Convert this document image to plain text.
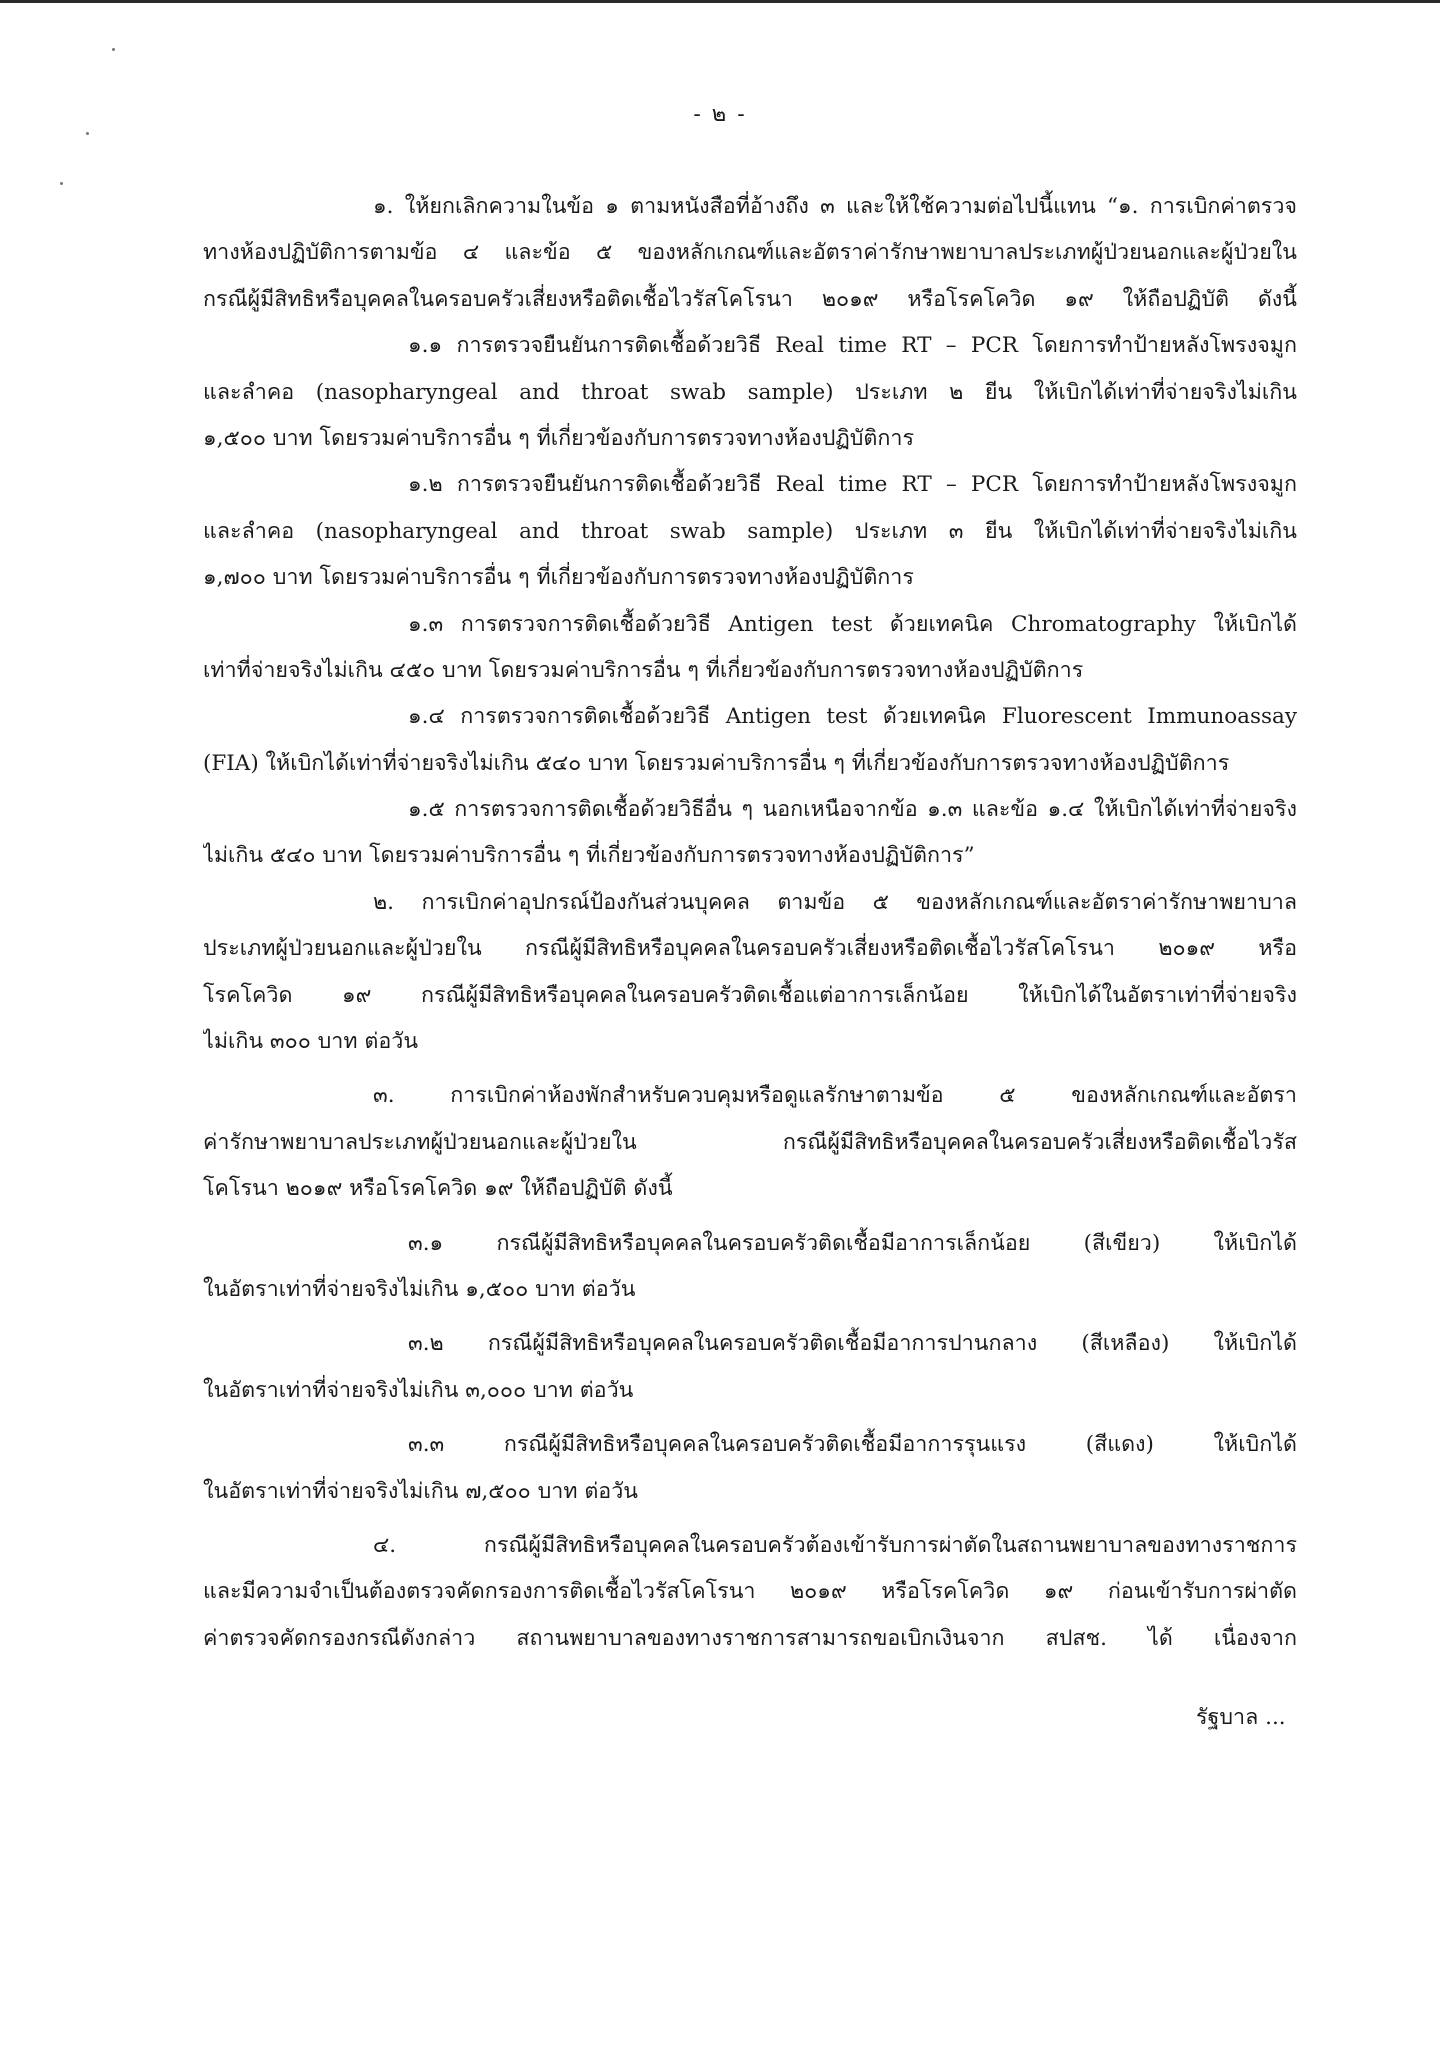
- ๒ -
๑. ให้ยกเลิกความในข้อ ๑ ตามหนังสือที่อ้างถึง ๓ และให้ใช้ความต่อไปนี้แทน “๑. การเบิกค่าตรวจ
ทางห้องปฏิบัติการตามข้อ ๔ และข้อ ๕ ของหลักเกณฑ์และอัตราค่ารักษาพยาบาลประเภทผู้ป่วยนอกและผู้ป่วยใน
กรณีผู้มีสิทธิหรือบุคคลในครอบครัวเสี่ยงหรือติดเชื้อไวรัสโคโรนา ๒๐๑๙ หรือโรคโควิด ๑๙ ให้ถือปฏิบัติ ดังนี้
๑.๑ การตรวจยืนยันการติดเชื้อด้วยวิธี Real time RT – PCR โดยการทำป้ายหลังโพรงจมูก
และลำคอ (nasopharyngeal and throat swab sample) ประเภท ๒ ยีน ให้เบิกได้เท่าที่จ่ายจริงไม่เกิน
๑,๕๐๐ บาท โดยรวมค่าบริการอื่น ๆ ที่เกี่ยวข้องกับการตรวจทางห้องปฏิบัติการ
๑.๒ การตรวจยืนยันการติดเชื้อด้วยวิธี Real time RT – PCR โดยการทำป้ายหลังโพรงจมูก
และลำคอ (nasopharyngeal and throat swab sample) ประเภท ๓ ยีน ให้เบิกได้เท่าที่จ่ายจริงไม่เกิน
๑,๗๐๐ บาท โดยรวมค่าบริการอื่น ๆ ที่เกี่ยวข้องกับการตรวจทางห้องปฏิบัติการ
๑.๓ การตรวจการติดเชื้อด้วยวิธี Antigen test ด้วยเทคนิค Chromatography ให้เบิกได้
เท่าที่จ่ายจริงไม่เกิน ๔๕๐ บาท โดยรวมค่าบริการอื่น ๆ ที่เกี่ยวข้องกับการตรวจทางห้องปฏิบัติการ
๑.๔ การตรวจการติดเชื้อด้วยวิธี Antigen test ด้วยเทคนิค Fluorescent Immunoassay
(FIA) ให้เบิกได้เท่าที่จ่ายจริงไม่เกิน ๕๔๐ บาท โดยรวมค่าบริการอื่น ๆ ที่เกี่ยวข้องกับการตรวจทางห้องปฏิบัติการ
๑.๕ การตรวจการติดเชื้อด้วยวิธีอื่น ๆ นอกเหนือจากข้อ ๑.๓ และข้อ ๑.๔ ให้เบิกได้เท่าที่จ่ายจริง
ไม่เกิน ๕๔๐ บาท โดยรวมค่าบริการอื่น ๆ ที่เกี่ยวข้องกับการตรวจทางห้องปฏิบัติการ”
๒. การเบิกค่าอุปกรณ์ป้องกันส่วนบุคคล ตามข้อ ๕ ของหลักเกณฑ์และอัตราค่ารักษาพยาบาล
ประเภทผู้ป่วยนอกและผู้ป่วยใน กรณีผู้มีสิทธิหรือบุคคลในครอบครัวเสี่ยงหรือติดเชื้อไวรัสโคโรนา ๒๐๑๙ หรือ
โรคโควิด ๑๙ กรณีผู้มีสิทธิหรือบุคคลในครอบครัวติดเชื้อแต่อาการเล็กน้อย ให้เบิกได้ในอัตราเท่าที่จ่ายจริง
ไม่เกิน ๓๐๐ บาท ต่อวัน
๓. การเบิกค่าห้องพักสำหรับควบคุมหรือดูแลรักษาตามข้อ ๕ ของหลักเกณฑ์และอัตรา
ค่ารักษาพยาบาลประเภทผู้ป่วยนอกและผู้ป่วยใน กรณีผู้มีสิทธิหรือบุคคลในครอบครัวเสี่ยงหรือติดเชื้อไวรัส
โคโรนา ๒๐๑๙ หรือโรคโควิด ๑๙ ให้ถือปฏิบัติ ดังนี้
๓.๑ กรณีผู้มีสิทธิหรือบุคคลในครอบครัวติดเชื้อมีอาการเล็กน้อย (สีเขียว) ให้เบิกได้
ในอัตราเท่าที่จ่ายจริงไม่เกิน ๑,๕๐๐ บาท ต่อวัน
๓.๒ กรณีผู้มีสิทธิหรือบุคคลในครอบครัวติดเชื้อมีอาการปานกลาง (สีเหลือง) ให้เบิกได้
ในอัตราเท่าที่จ่ายจริงไม่เกิน ๓,๐๐๐ บาท ต่อวัน
๓.๓ กรณีผู้มีสิทธิหรือบุคคลในครอบครัวติดเชื้อมีอาการรุนแรง (สีแดง) ให้เบิกได้
ในอัตราเท่าที่จ่ายจริงไม่เกิน ๗,๕๐๐ บาท ต่อวัน
๔. กรณีผู้มีสิทธิหรือบุคคลในครอบครัวต้องเข้ารับการผ่าตัดในสถานพยาบาลของทางราชการ
และมีความจำเป็นต้องตรวจคัดกรองการติดเชื้อไวรัสโคโรนา ๒๐๑๙ หรือโรคโควิด ๑๙ ก่อนเข้ารับการผ่าตัด
ค่าตรวจคัดกรองกรณีดังกล่าว สถานพยาบาลของทางราชการสามารถขอเบิกเงินจาก สปสช. ได้ เนื่องจาก
รัฐบาล ...
